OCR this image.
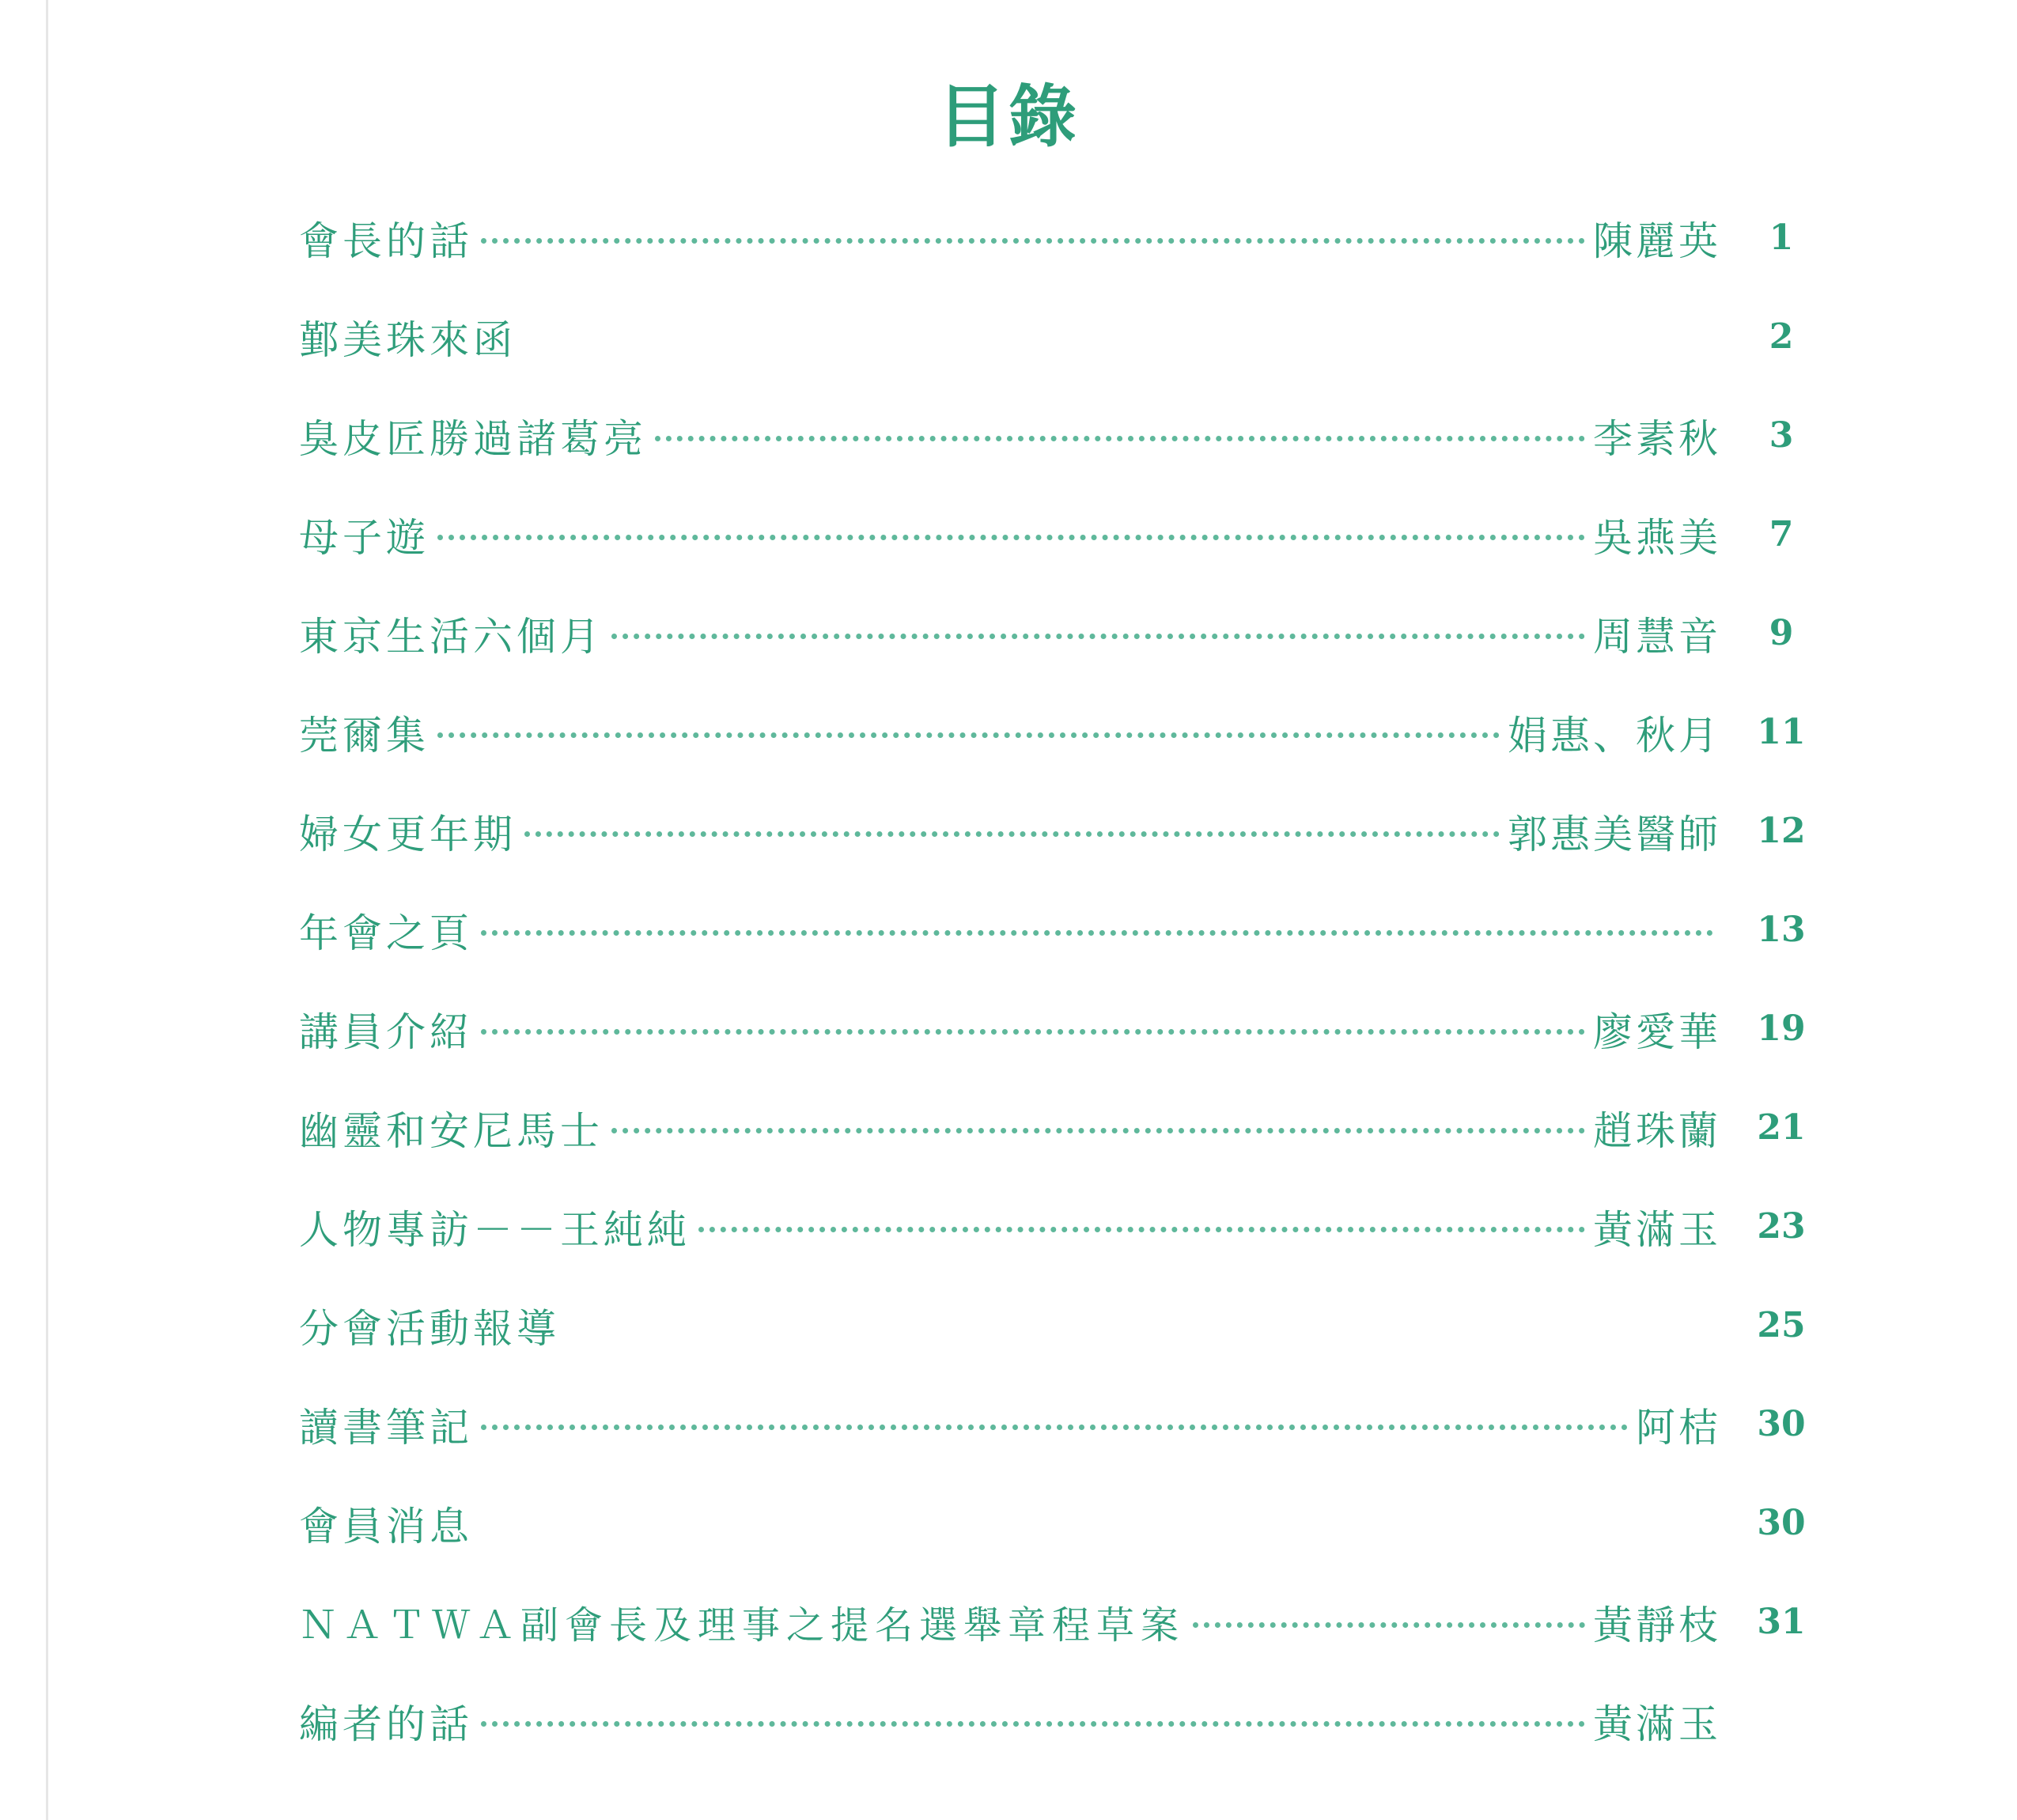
目錄
會長的話	陳麗英	1
鄞美珠來函	2
臭皮匠勝過諸葛亮	李素秋	3
母子遊	吳燕美	7
東京生活六個月	周慧音	9
莞爾集	娟惠、秋月 11
婦女更年期	郭惠美醫師 12
年會之頁	13
講員介紹	廖愛華 19
幽靈和安尼馬士	趙珠蘭 21
人物專訪－－王純純	黃滿玉 23
分會活動報導	25
讀書筆記	阿桔 30
會員消息	30
ＮＡＴＷＡ副會長及理事之提名選舉章程草案	黃靜枝 31
編者的話	黃滿玉
